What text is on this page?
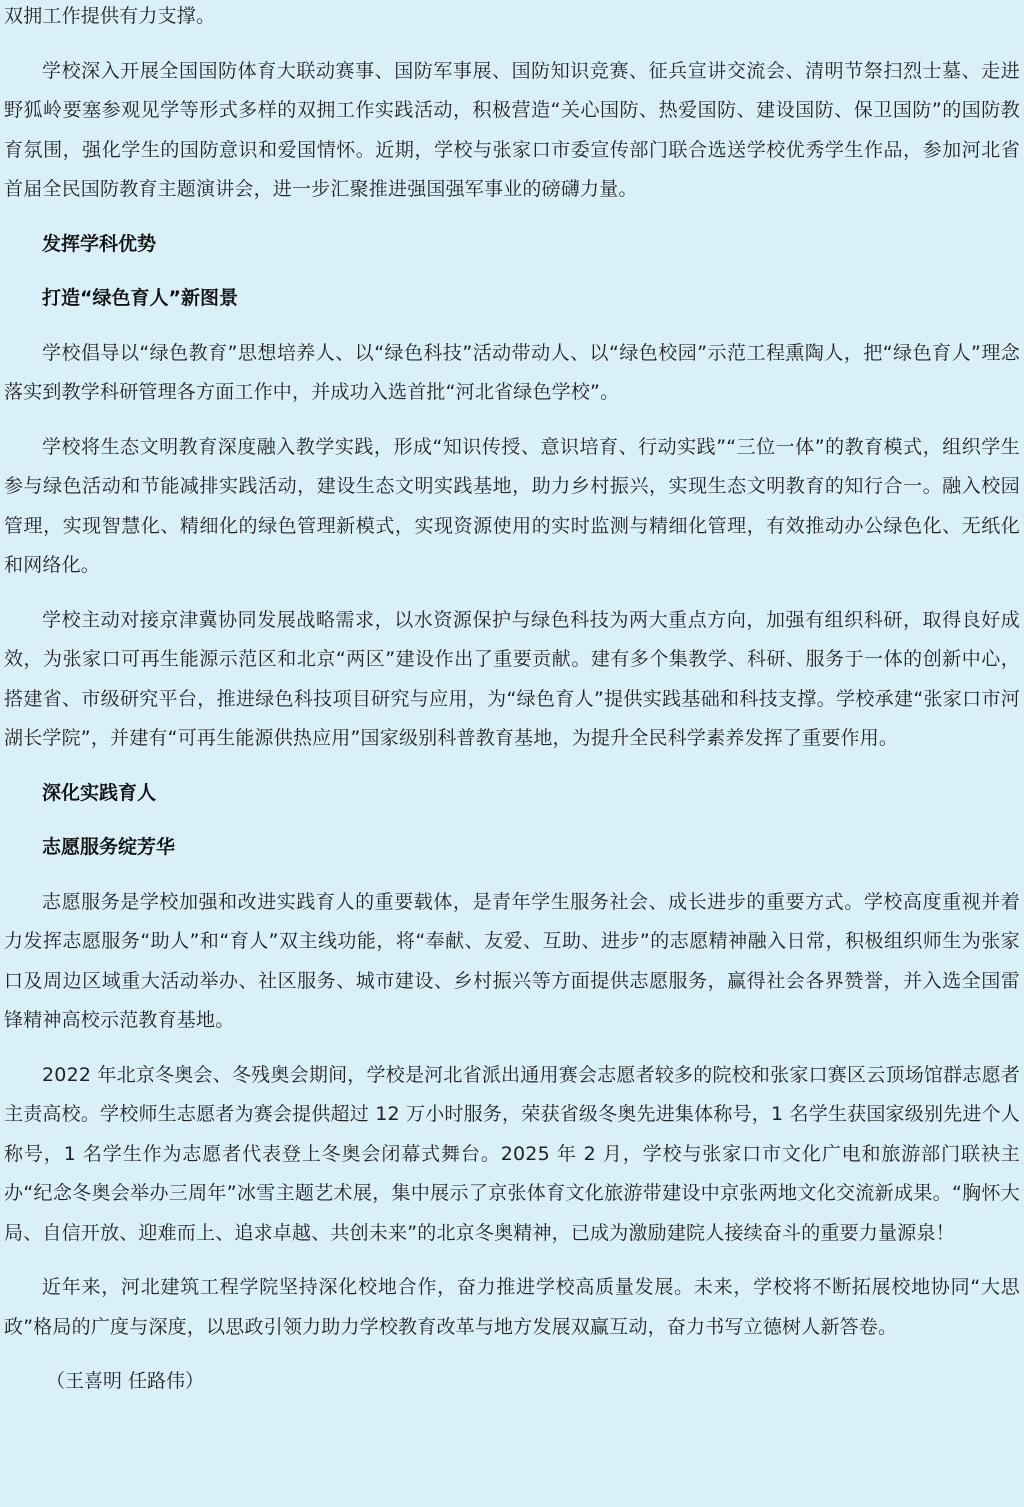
双拥工作提供有力支撑。

学校深入开展全国国防体育大联动赛事、国防军事展、国防知识竞赛、征兵宣讲交流会、清明节祭扫烈士墓、走进野狐岭要塞参观见学等形式多样的双拥工作实践活动，积极营造“关心国防、热爱国防、建设国防、保卫国防”的国防教育氛围，强化学生的国防意识和爱国情怀。近期，学校与张家口市委宣传部门联合选送学校优秀学生作品，参加河北省首届全民国防教育主题演讲会，进一步汇聚推进强国强军事业的磅礴力量。

发挥学科优势

打造“绿色育人”新图景

学校倡导以“绿色教育”思想培养人、以“绿色科技”活动带动人、以“绿色校园”示范工程熏陶人，把“绿色育人”理念落实到教学科研管理各方面工作中，并成功入选首批“河北省绿色学校”。

学校将生态文明教育深度融入教学实践，形成“知识传授、意识培育、行动实践”“三位一体”的教育模式，组织学生参与绿色活动和节能减排实践活动，建设生态文明实践基地，助力乡村振兴，实现生态文明教育的知行合一。融入校园管理，实现智慧化、精细化的绿色管理新模式，实现资源使用的实时监测与精细化管理，有效推动办公绿色化、无纸化和网络化。

学校主动对接京津冀协同发展战略需求，以水资源保护与绿色科技为两大重点方向，加强有组织科研，取得良好成效，为张家口可再生能源示范区和北京“两区”建设作出了重要贡献。建有多个集教学、科研、服务于一体的创新中心，搭建省、市级研究平台，推进绿色科技项目研究与应用，为“绿色育人”提供实践基础和科技支撑。学校承建“张家口市河湖长学院”，并建有“可再生能源供热应用”国家级别科普教育基地，为提升全民科学素养发挥了重要作用。

深化实践育人

志愿服务绽芳华

志愿服务是学校加强和改进实践育人的重要载体，是青年学生服务社会、成长进步的重要方式。学校高度重视并着力发挥志愿服务“助人”和“育人”双主线功能，将“奉献、友爱、互助、进步”的志愿精神融入日常，积极组织师生为张家口及周边区域重大活动举办、社区服务、城市建设、乡村振兴等方面提供志愿服务，赢得社会各界赞誉，并入选全国雷锋精神高校示范教育基地。

2022 年北京冬奥会、冬残奥会期间，学校是河北省派出通用赛会志愿者较多的院校和张家口赛区云顶场馆群志愿者主责高校。学校师生志愿者为赛会提供超过 12 万小时服务，荣获省级冬奥先进集体称号，1 名学生获国家级别先进个人称号，1 名学生作为志愿者代表登上冬奥会闭幕式舞台。2025 年 2 月，学校与张家口市文化广电和旅游部门联袂主办“纪念冬奥会举办三周年”冰雪主题艺术展，集中展示了京张体育文化旅游带建设中京张两地文化交流新成果。“胸怀大局、自信开放、迎难而上、追求卓越、共创未来”的北京冬奥精神，已成为激励建院人接续奋斗的重要力量源泉！

近年来，河北建筑工程学院坚持深化校地合作，奋力推进学校高质量发展。未来，学校将不断拓展校地协同“大思政”格局的广度与深度，以思政引领力助力学校教育改革与地方发展双赢互动，奋力书写立德树人新答卷。

（王喜明 任路伟）
